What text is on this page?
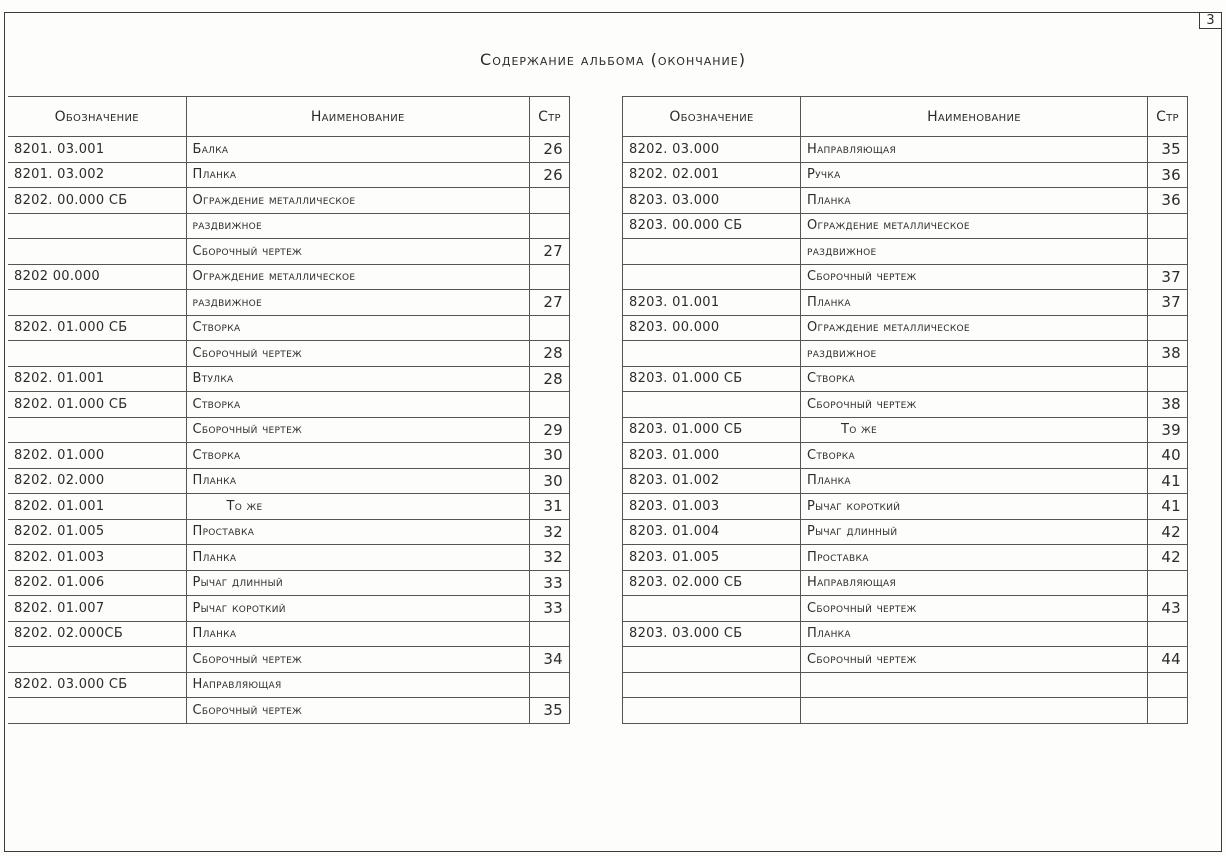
3
Содержание альбома (окончание)
Обозначение	Наименование	Стр
8201. 03.001	Балка	26
8201. 03.002	Планка	26
8202. 00.000 СБ	Ограждение металлическое	
	раздвижное	
	Сборочный чертеж	27
8202 00.000	Ограждение металлическое	
	раздвижное	27
8202. 01.000 СБ	Створка	
	Сборочный чертеж	28
8202. 01.001	Втулка	28
8202. 01.000 СБ	Створка	
	Сборочный чертеж	29
8202. 01.000	Створка	30
8202. 02.000	Планка	30
8202. 01.001	То же	31
8202. 01.005	Проставка	32
8202. 01.003	Планка	32
8202. 01.006	Рычаг длинный	33
8202. 01.007	Рычаг короткий	33
8202. 02.000СБ	Планка	
	Сборочный чертеж	34
8202. 03.000 СБ	Направляющая	
	Сборочный чертеж	35
Обозначение	Наименование	Стр
8202. 03.000	Направляющая	35
8202. 02.001	Ручка	36
8203. 03.000	Планка	36
8203. 00.000 СБ	Ограждение металлическое	
	раздвижное	
	Сборочный чертеж	37
8203. 01.001	Планка	37
8203. 00.000	Ограждение металлическое	
	раздвижное	38
8203. 01.000 СБ	Створка	
	Сборочный чертеж	38
8203. 01.000 СБ	То же	39
8203. 01.000	Створка	40
8203. 01.002	Планка	41
8203. 01.003	Рычаг короткий	41
8203. 01.004	Рычаг длинный	42
8203. 01.005	Проставка	42
8203. 02.000 СБ	Направляющая	
	Сборочный чертеж	43
8203. 03.000 СБ	Планка	
	Сборочный чертеж	44
